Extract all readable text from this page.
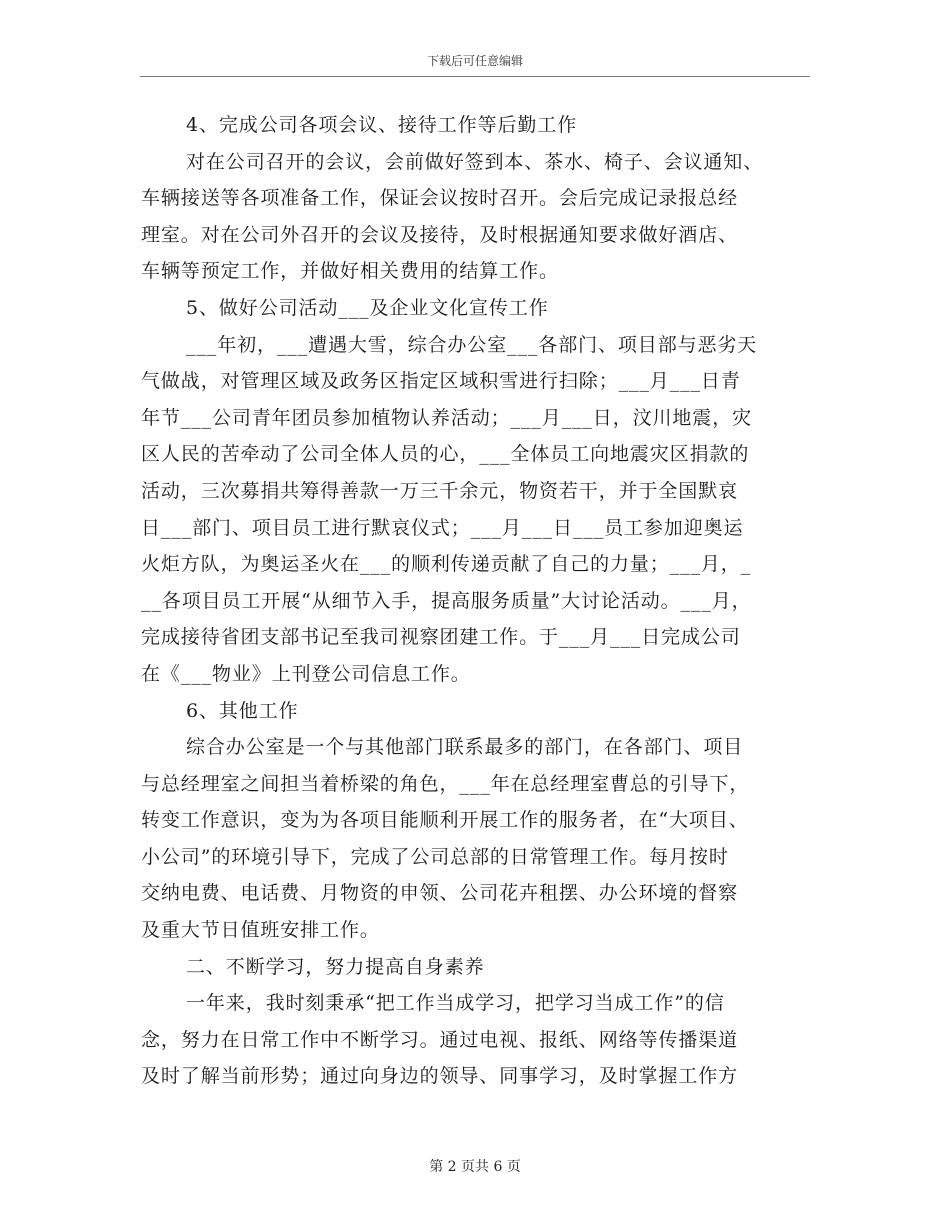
下载后可任意编辑
4、完成公司各项会议、接待工作等后勤工作
对在公司召开的会议，会前做好签到本、茶水、椅子、会议通知、
车辆接送等各项准备工作，保证会议按时召开。会后完成记录报总经
理室。对在公司外召开的会议及接待，及时根据通知要求做好酒店、
车辆等预定工作，并做好相关费用的结算工作。
5、做好公司活动___及企业文化宣传工作
___年初，___遭遇大雪，综合办公室___各部门、项目部与恶劣天
气做战，对管理区域及政务区指定区域积雪进行扫除；___月___日青
年节___公司青年团员参加植物认养活动；___月___日，汶川地震，灾
区人民的苦牵动了公司全体人员的心，___全体员工向地震灾区捐款的
活动，三次募捐共筹得善款一万三千余元，物资若干，并于全国默哀
日___部门、项目员工进行默哀仪式；___月___日___员工参加迎奥运
火炬方队，为奥运圣火在___的顺利传递贡献了自己的力量；___月，_
__各项目员工开展“从细节入手，提高服务质量”大讨论活动。___月，
完成接待省团支部书记至我司视察团建工作。于___月___日完成公司
在《___物业》上刊登公司信息工作。
6、其他工作
综合办公室是一个与其他部门联系最多的部门，在各部门、项目
与总经理室之间担当着桥梁的角色，___年在总经理室曹总的引导下，
转变工作意识，变为为各项目能顺利开展工作的服务者，在“大项目、
小公司”的环境引导下，完成了公司总部的日常管理工作。每月按时
交纳电费、电话费、月物资的申领、公司花卉租摆、办公环境的督察
及重大节日值班安排工作。
二、不断学习，努力提高自身素养
一年来，我时刻秉承“把工作当成学习，把学习当成工作”的信
念，努力在日常工作中不断学习。通过电视、报纸、网络等传播渠道
及时了解当前形势；通过向身边的领导、同事学习，及时掌握工作方
第 2 页共 6 页
